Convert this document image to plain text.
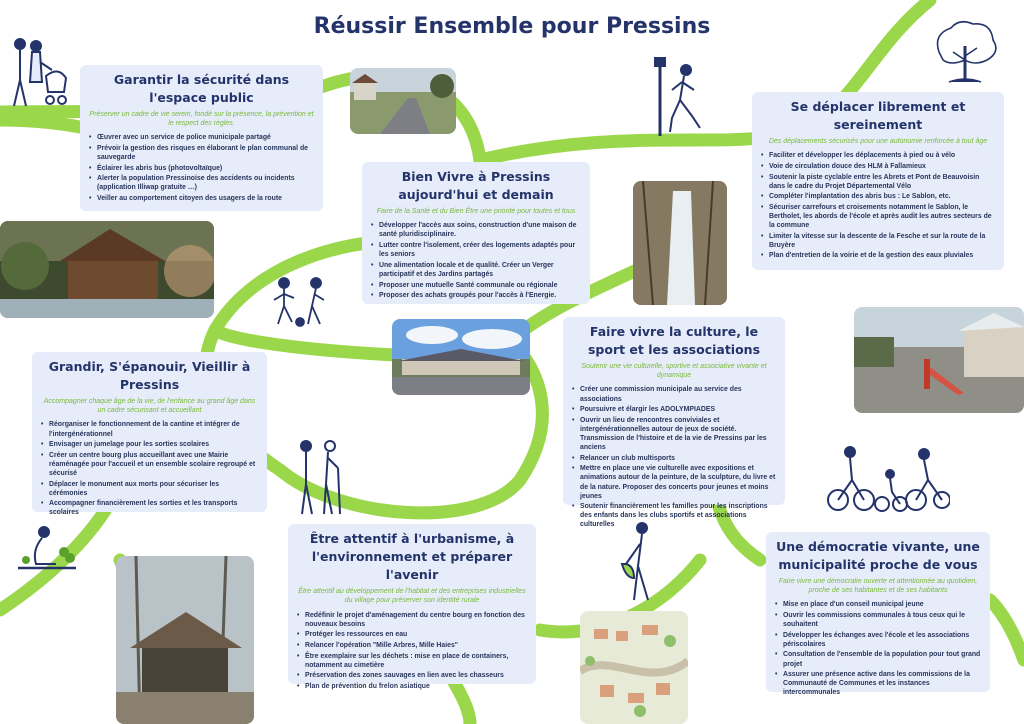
Réussir Ensemble pour Pressins
Garantir la sécurité dans l'espace public

Préserver un cadre de vie serein, fondé sur la présence, la prévention et le respect des règles.

• Œuvrer avec un service de police municipale partagé
• Prévoir la gestion des risques en élaborant le plan communal de sauvegarde
• Éclairer les abris bus (photovoltaïque)
• Alerter la population Pressinoise des accidents ou incidents (application Illiwap gratuite …)
• Veiller au comportement citoyen des usagers de la route
Bien Vivre à Pressins aujourd'hui et demain

Faire de la Santé et du Bien Être une priorité pour toutes et tous

• Développer l'accès aux soins, construction d'une maison de santé pluridisciplinaire.
• Lutter contre l'isolement, créer des logements adaptés pour les seniors
• Une alimentation locale et de qualité. Créer un Verger participatif et des Jardins partagés
• Proposer une mutuelle Santé communale ou régionale
• Proposer des achats groupés pour l'accès à l'Energie.
Se déplacer librement et sereinement

Des déplacements sécurisés pour une autonomie renforcée à tout âge

• Faciliter et développer les déplacements à pied ou à vélo
• Voie de circulation douce des HLM à Fallamieux
• Soutenir la piste cyclable entre les Abrets et Pont de Beauvoisin dans le cadre du Projet Départemental Vélo
• Compléter l'implantation des abris bus : Le Sablon, etc.
• Sécuriser carrefours et croisements notamment le Sablon, le Bertholet, les abords de l'école et après audit les autres secteurs de la commune
• Limiter la vitesse sur la descente de la Fesche et sur la route de la Bruyère
• Plan d'entretien de la voirie et de la gestion des eaux pluviales
Grandir, S'épanouir, Vieillir à Pressins

Accompagner chaque âge de la vie, de l'enfance au grand âge dans un cadre sécurisant et accueillant

• Réorganiser le fonctionnement de la cantine et intégrer de l'intergénérationnel
• Envisager un jumelage pour les sorties scolaires
• Créer un centre bourg plus accueillant avec une Mairie réaménagée pour l'accueil et un ensemble scolaire regroupé et sécurisé
• Déplacer le monument aux morts pour sécuriser les cérémonies
• Accompagner financièrement les sorties et les transports scolaires
Faire vivre la culture, le sport et les associations

Soutenir une vie culturelle, sportive et associative vivante et dynamique

• Créer une commission municipale au service des associations
• Poursuivre et élargir les ADOLYMPIADES
• Ouvrir un lieu de rencontres conviviales et intergénérationnelles autour de jeux de société. Transmission de l'histoire et de la vie de Pressins par les anciens
• Relancer un club multisports
• Mettre en place une vie culturelle avec expositions et animations autour de la peinture, de la sculpture, du livre et de la nature. Proposer des concerts pour jeunes et moins jeunes
• Soutenir financièrement les familles pour les inscriptions des enfants dans les clubs sportifs et associations culturelles
Être attentif à l'urbanisme, à l'environnement et préparer l'avenir

Être attentif au développement de l'habitat et des entreprises industrielles du village pour préserver son identité rurale

• Redéfinir le projet d'aménagement du centre bourg en fonction des nouveaux besoins
• Protéger les ressources en eau
• Relancer l'opération "Mille Arbres, Mille Haies"
• Être exemplaire sur les déchets : mise en place de containers, notamment au cimetière
• Préservation des zones sauvages en lien avec les chasseurs
• Plan de prévention du frelon asiatique
Une démocratie vivante, une municipalité proche de vous

Faire vivre une démocratie ouverte et attentionnée au quotidien, proche de ses habitantes et de ses habitants

• Mise en place d'un conseil municipal jeune
• Ouvrir les commissions communales à tous ceux qui le souhaitent
• Développer les échanges avec l'école et les associations périscolaires
• Consultation de l'ensemble de la population pour tout grand projet
• Assurer une présence active dans les commissions de la Communauté de Communes et les instances intercommunales
